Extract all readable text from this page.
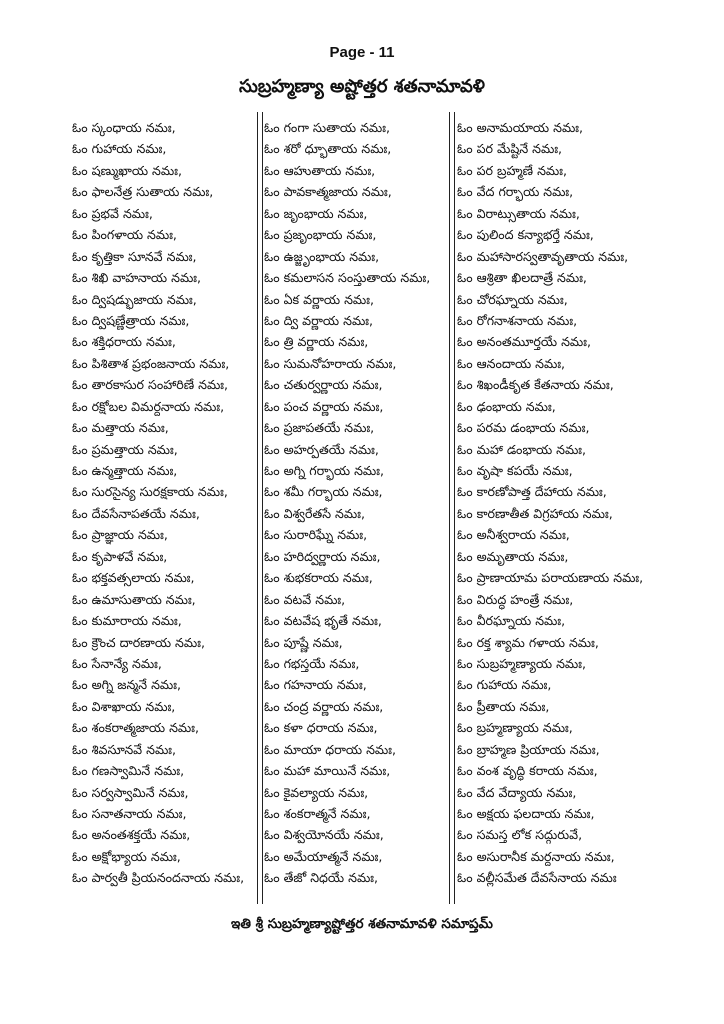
Page - 11
సుబ్రహ్మణ్యా అష్టోత్తర శతనామావళి
ఓం స్కంధాయ నమః,
ఓం గుహాయ నమః,
ఓం షణ్ముఖాయ నమః,
ఓం ఫాలనేత్ర సుతాయ నమః,
ఓం ప్రభవే నమః,
ఓం పింగళాయ నమః,
ఓం కృత్తికా సూనవే నమః,
ఓం శిఖి వాహనాయ నమః,
ఓం ద్విషడ్భుజాయ నమః,
ఓం ద్విషణ్ణేత్రాయ నమః,
ఓం శక్తిధరాయ నమః,
ఓం పిశితాశ ప్రభంజనాయ నమః,
ఓం తారకాసుర సంహారిణే నమః,
ఓం రక్షోబల విమర్దనాయ నమః,
ఓం మత్తాయ నమః,
ఓం ప్రమత్తాయ నమః,
ఓం ఉన్మత్తాయ నమః,
ఓం సురసైన్య సురక్షకాయ నమః,
ఓం దేవసేనాపతయే నమః,
ఓం ప్రాజ్ఞాయ నమః,
ఓం కృపాళవే నమః,
ఓం భక్తవత్సలాయ నమః,
ఓం ఉమాసుతాయ నమః,
ఓం కుమారాయ నమః,
ఓం క్రౌంచ దారణాయ నమః,
ఓం సేనాన్యే నమః,
ఓం అగ్ని జన్మనే నమః,
ఓం విశాఖాయ నమః,
ఓం శంకరాత్మజాయ నమః,
ఓం శివసూనవే నమః,
ఓం గణస్వామినే నమః,
ఓం సర్వస్వామినే నమః,
ఓం సనాతనాయ నమః,
ఓం అనంతశక్తయే నమః,
ఓం అక్షోభ్యాయ నమః,
ఓం పార్వతీ ప్రియనందనాయ నమః,
ఓం గంగా సుతాయ నమః,
ఓం శరో ధ్భూతాయ నమః,
ఓం ఆహుతాయ నమః,
ఓం పావకాత్మజాయ నమః,
ఓం జృంభాయ నమః,
ఓం ప్రజృంభాయ నమః,
ఓం ఉజ్జృంభాయ నమః,
ఓం కమలాసన సంస్తుతాయ నమః,
ఓం ఏక వర్ణాయ నమః,
ఓం ద్వి వర్ణాయ నమః,
ఓం త్రి వర్ణాయ నమః,
ఓం సుమనోహరాయ నమః,
ఓం చతుర్వర్ణాయ నమః,
ఓం పంచ వర్ణాయ నమః,
ఓం ప్రజాపతయే నమః,
ఓం అహర్పతయే నమః,
ఓం అగ్ని గర్భాయ నమః,
ఓం శమీ గర్భాయ నమః,
ఓం విశ్వరేతసే నమః,
ఓం సురారిఘ్నే నమః,
ఓం హరిద్వర్ణాయ నమః,
ఓం శుభకరాయ నమః,
ఓం వటవే నమః,
ఓం వటవేష భృతే నమః,
ఓం పూష్ణే నమః,
ఓం గభస్తయే నమః,
ఓం గహనాయ నమః,
ఓం చంద్ర వర్ణాయ నమః,
ఓం కళా ధరాయ నమః,
ఓం మాయా ధరాయ నమః,
ఓం మహా మాయినే నమః,
ఓం కైవల్యాయ నమః,
ఓం శంకరాత్మనే నమః,
ఓం విశ్వయోనయే నమః,
ఓం అమేయాత్మనే నమః,
ఓం తేజో నిధయే నమః,
ఓం అనామయాయ నమః,
ఓం పర మేష్టినే నమః,
ఓం పర బ్రహ్మణే నమః,
ఓం వేద గర్భాయ నమః,
ఓం విరాట్సుతాయ నమః,
ఓం పులింద కన్యాభర్తే నమః,
ఓం మహాసారస్వతావృతాయ నమః,
ఓం ఆశ్రితా ఖిలదాత్రే నమః,
ఓం చోరఘ్నాయ నమః,
ఓం రోగనాశనాయ నమః,
ఓం అనంతమూర్తయే నమః,
ఓం ఆనందాయ నమః,
ఓం శిఖండీకృత కేతనాయ నమః,
ఓం ఢంభాయ నమః,
ఓం పరమ డంభాయ నమః,
ఓం మహా డంభాయ నమః,
ఓం వృషా కపయే నమః,
ఓం కారణోపాత్త దేహాయ నమః,
ఓం కారణాతీత విగ్రహాయ నమః,
ఓం అనీశ్వరాయ నమః,
ఓం అమృతాయ నమః,
ఓం ప్రాణాయామ పరాయణాయ నమః,
ఓం విరుద్ధ హంత్రే నమః,
ఓం వీరఘ్నాయ నమః,
ఓం రక్త శ్యామ గళాయ నమః,
ఓం సుబ్రహ్మణ్యాయ నమః,
ఓం గుహాయ నమః,
ఓం ప్రీతాయ నమః,
ఓం బ్రహ్మణ్యాయ నమః,
ఓం బ్రాహ్మణ ప్రియాయ నమః,
ఓం వంశ వృద్ధి కరాయ నమః,
ఓం వేద వేద్యాయ నమః,
ఓం అక్షయ ఫలదాయ నమః,
ఓం సమస్త లోక సద్గురువే,
ఓం అసురానీక మర్దనాయ నమః,
ఓం వల్లీసమేత దేవసేనాయ నమః
ఇతి శ్రీ సుబ్రహ్మణ్యాష్టోత్తర శతనామావళి సమాప్తమ్
